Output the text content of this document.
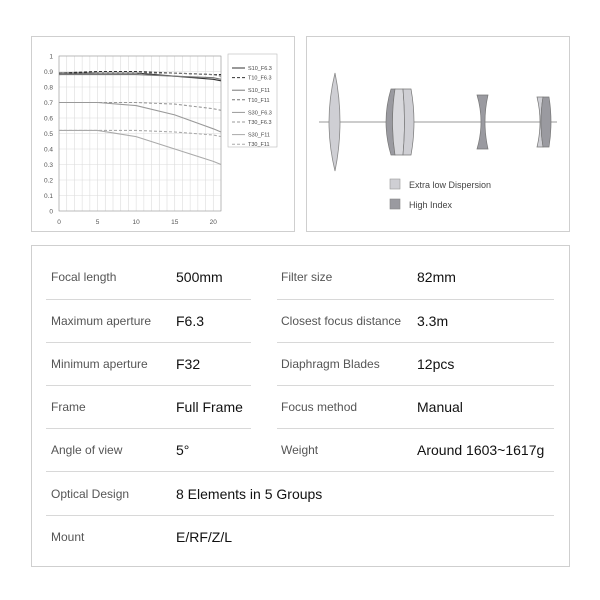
0
0.1
0.2
0.3
0.4
0.5
0.6
0.7
0.8
0.9
1
0	5	10	15	20
S10_F6.3
T10_F6.3
S10_F11
T10_F11
S30_F6.3
T30_F6.3
S30_F11
T30_F11
Extra low Dispersion
High Index
Focal length	500mm	Filter size	82mm
Maximum aperture F6.3	Closest focus distance 3.3m
Minimum aperture F32	Diaphragm Blades	12pcs
Frame	Full Frame	Focus method	Manual
Angle of view	5°	Weight	Around 1603~1617g
Optical Design	8 Elements in 5 Groups
Mount	E/RF/Z/L
